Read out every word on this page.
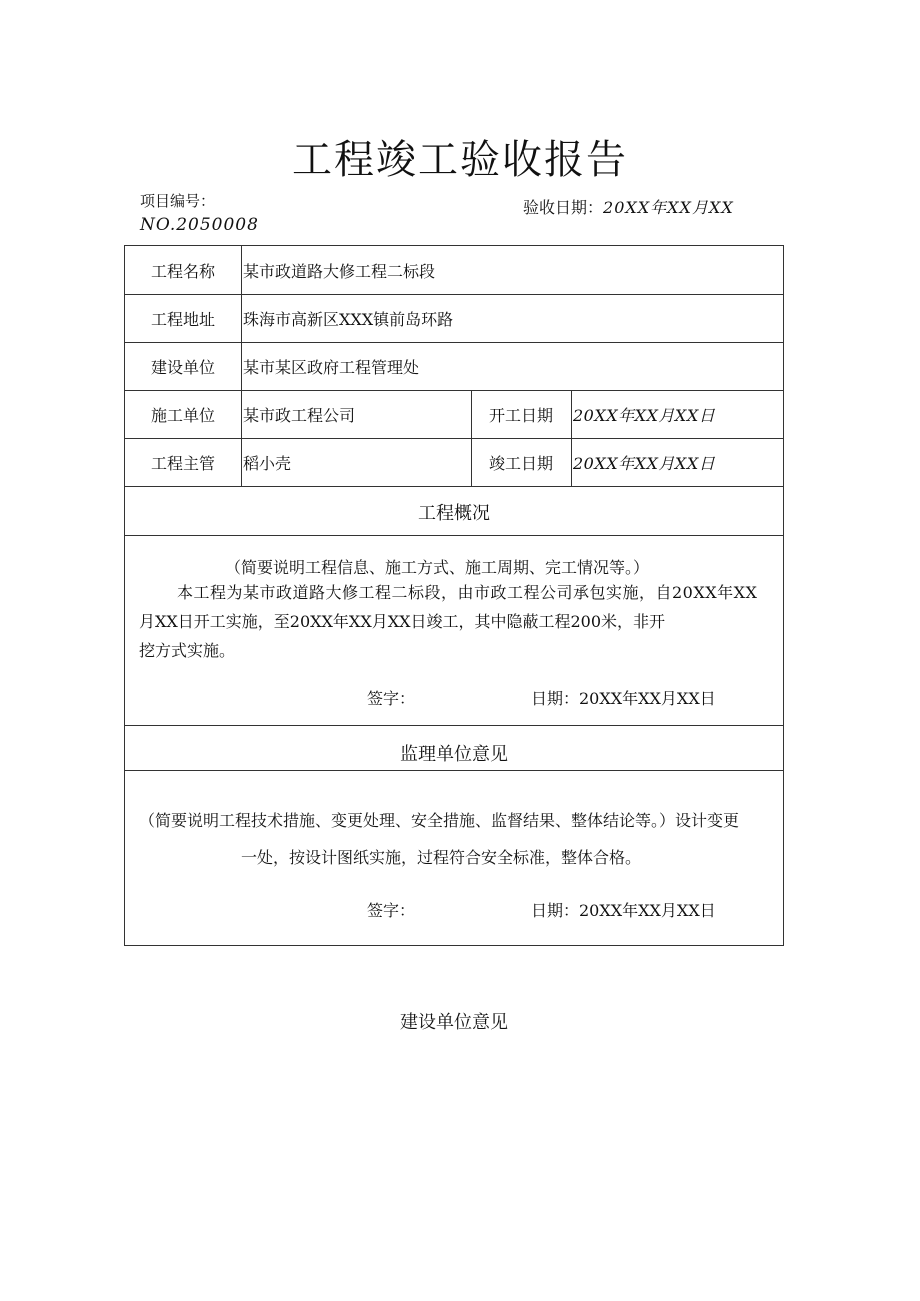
工程竣工验收报告
项目编号：
NO.2050008
验收日期：20XX年XX月XX
工程名称	某市政道路大修工程二标段
工程地址	珠海市高新区XXX镇前岛环路
建设单位	某市某区政府工程管理处
施工单位	某市政工程公司	开工日期	20XX年XX月XX日
工程主管	稻小壳	竣工日期	20XX年XX月XX日
工程概况
（简要说明工程信息、施工方式、施工周期、完工情况等。）
本工程为某市政道路大修工程二标段，由市政工程公司承包实施，自20XX年XX
月XX日开工实施，至20XX年XX月XX日竣工，其中隐蔽工程200米，非开
挖方式实施。
签字：	日期：20XX年XX月XX日
监理单位意见
（简要说明工程技术措施、变更处理、安全措施、监督结果、整体结论等。）设计变更
一处，按设计图纸实施，过程符合安全标准，整体合格。
签字：	日期：20XX年XX月XX日
建设单位意见
